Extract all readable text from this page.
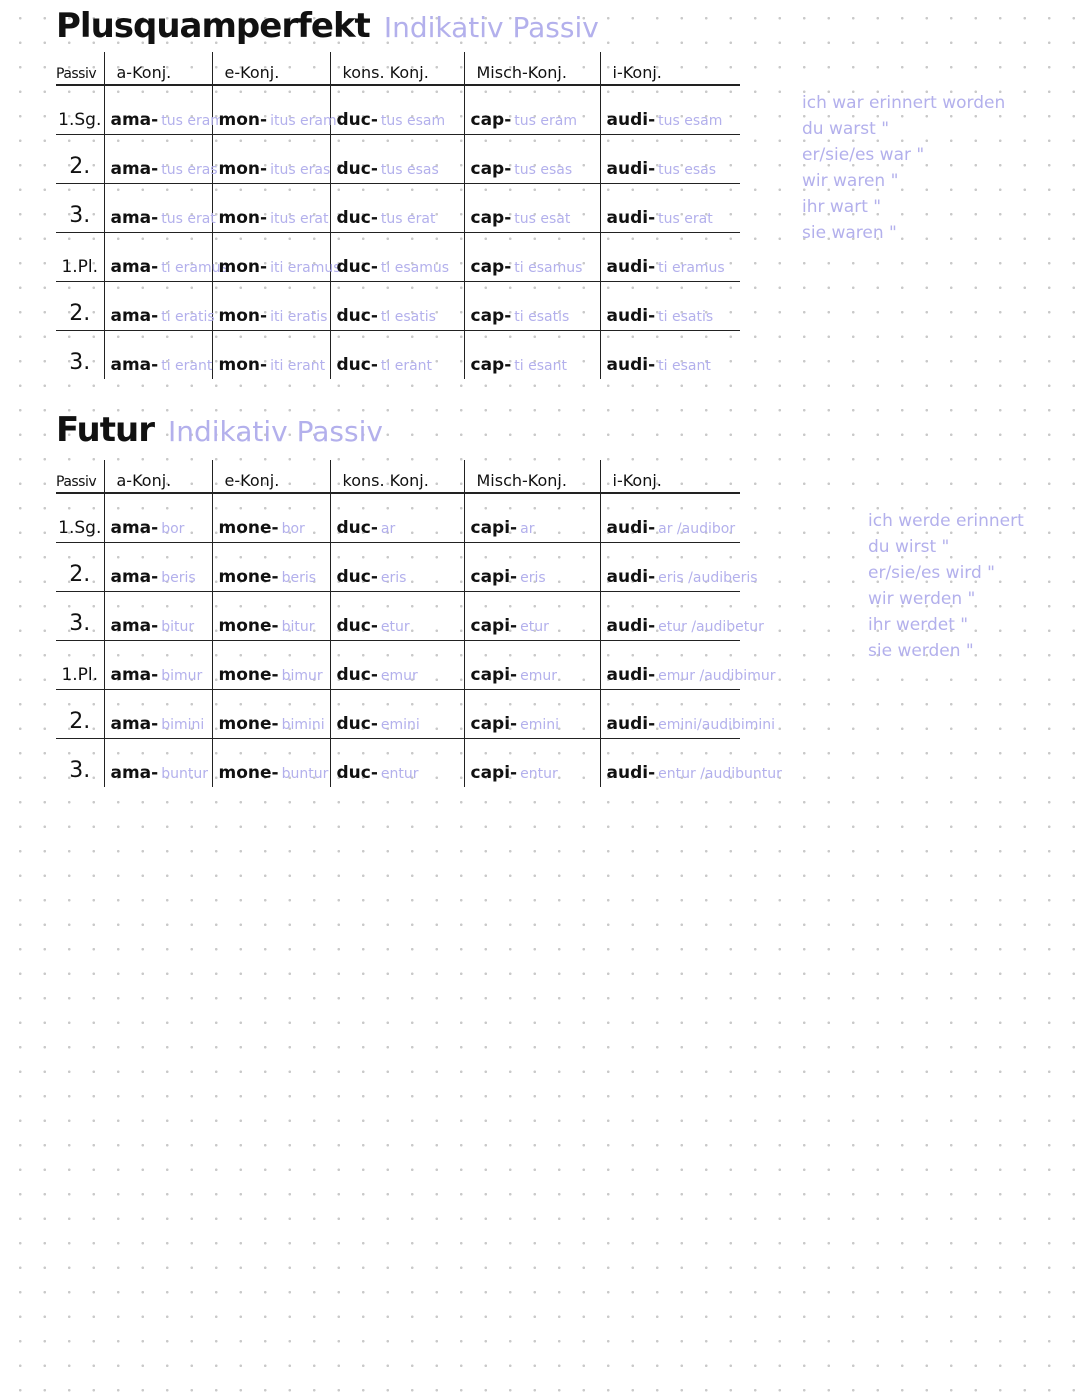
Plusquamperfekt Indikativ Passiv
Passiv	a-Konj.	e-Konj.	kons. Konj.	Misch-Konj.	i-Konj.
1.Sg.	ama- tus eram	mon- itus eram	duc- tus esam	cap- tus eram	audi- tus esam
2.	ama- tus eras	mon- itus eras	duc- tus esas	cap- tus esas	audi- tus esas
3.	ama- tus erat	mon- itus erat	duc- tus erat	cap- tus esat	audi- tus erat
1.Pl.	ama- ti eramus	mon- iti eramus	duc- ti esamus	cap- ti esamus	audi- ti eramus
2.	ama- ti eratis	mon- iti eratis	duc- ti esatis	cap- ti esatis	audi- ti esatis
3.	ama- ti erant	mon- iti erant	duc- ti erant	cap- ti esant	audi- ti esant
ich war erinnert worden
du warst "
er/sie/es war "
wir waren "
ihr wart "
sie waren "
Futur Indikativ Passiv
Passiv	a-Konj.	e-Konj.	kons. Konj.	Misch-Konj.	i-Konj.
1.Sg.	ama- bor	mone- bor	duc- ar	capi- ar	audi- ar /audibor
2.	ama- beris	mone- beris	duc- eris	capi- eris	audi- eris /audiberis
3.	ama- bitur	mone- bitur	duc- etur	capi- etur	audi- etur /audibetur
1.Pl.	ama- bimur	mone- bimur	duc- emur	capi- emur	audi- emur /audibimur
2.	ama- bimini	mone- bimini	duc- emini	capi- emini	audi- emini/audibimini
3.	ama- buntur	mone- buntur	duc- entur	capi- entur	audi- entur /audibuntur
ich werde erinnert
du wirst "
er/sie/es wird "
wir werden "
ihr werdet "
sie werden "
